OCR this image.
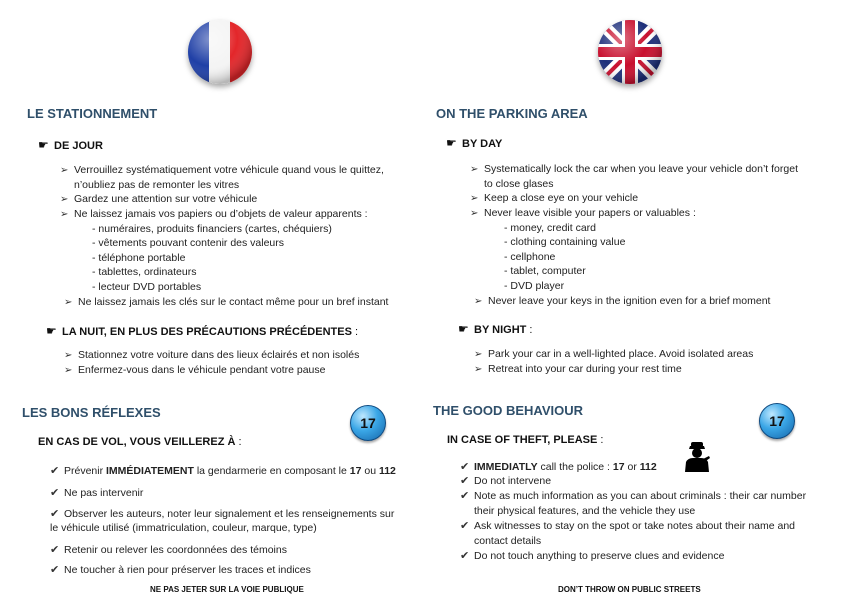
LE STATIONNEMENT
☛ DE JOUR
➢ Verrouillez systématiquement votre véhicule quand vous le quittez,
n’oubliez pas de remonter les vitres
➢ Gardez une attention sur votre véhicule
➢ Ne laissez jamais vos papiers ou d’objets de valeur apparents :
- numéraires, produits financiers (cartes, chéquiers)
- vêtements pouvant contenir des valeurs
- téléphone portable
- tablettes, ordinateurs
- lecteur DVD portables
➢ Ne laissez jamais les clés sur le contact même pour un bref instant
☛ LA NUIT, EN PLUS DES PRÉCAUTIONS PRÉCÉDENTES :
➢ Stationnez votre voiture dans des lieux éclairés et non isolés
➢ Enfermez-vous dans le véhicule pendant votre pause
LES BONS RÉFLEXES
17
EN CAS DE VOL, VOUS VEILLEREZ À :
✔ Prévenir IMMÉDIATEMENT la gendarmerie en composant le 17 ou 112
✔ Ne pas intervenir
✔ Observer les auteurs, noter leur signalement et les renseignements sur
le véhicule utilisé (immatriculation, couleur, marque, type)
✔ Retenir ou relever les coordonnées des témoins
✔ Ne toucher à rien pour préserver les traces et indices
NE PAS JETER SUR LA VOIE PUBLIQUE
ON THE PARKING AREA
☛ BY DAY
➢ Systematically lock the car when you leave your vehicle don’t forget
to close glases
➢ Keep a close eye on your vehicle
➢ Never leave visible your papers or valuables :
- money, credit card
- clothing containing value
- cellphone
- tablet, computer
- DVD player
➢ Never leave your keys in the ignition even for a brief moment
☛ BY NIGHT :
➢ Park your car in a well-lighted place. Avoid isolated areas
➢ Retreat into your car during your rest time
THE GOOD BEHAVIOUR
17
IN CASE OF THEFT, PLEASE :
✔ IMMEDIATLY call the police : 17 or 112
✔ Do not intervene
✔ Note as much information as you can about criminals : their car number
their physical features, and the vehicle they use
✔ Ask witnesses to stay on the spot or take notes about their name and
contact details
✔ Do not touch anything to preserve clues and evidence
DON’T THROW ON PUBLIC STREETS
